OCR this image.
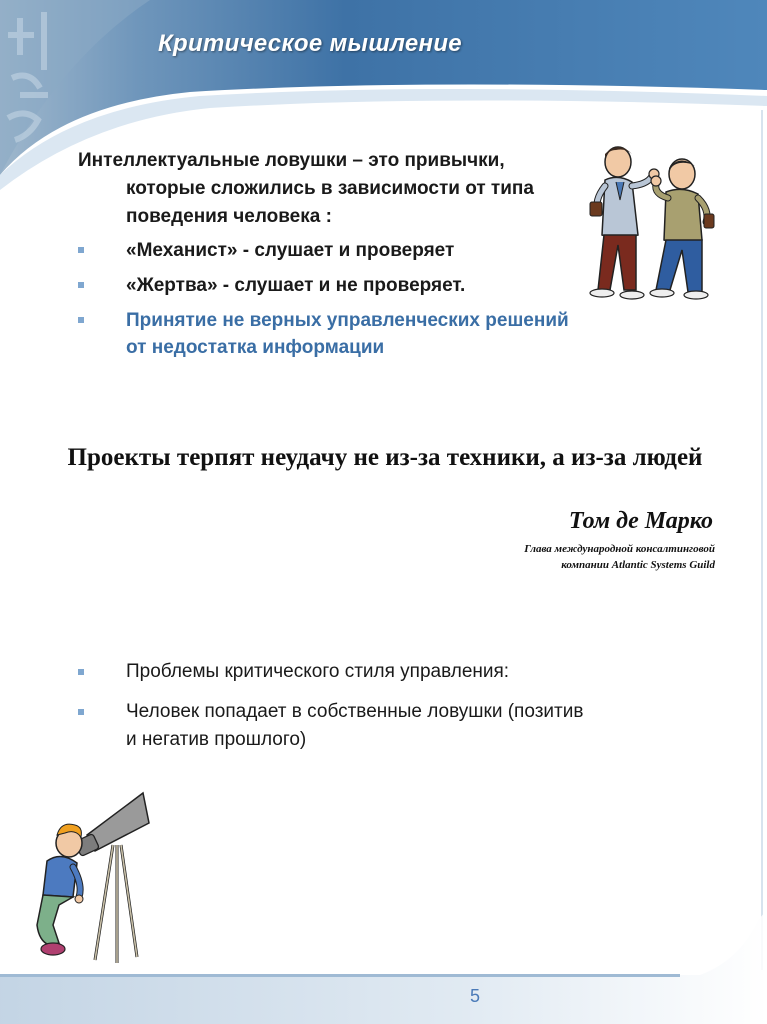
Критическое мышление

Интеллектуальные ловушки – это привычки, которые сложились в зависимости от типа поведения человека :

«Механист» - слушает и проверяет
«Жертва» - слушает и не проверяет.
Принятие не верных управленческих решений от недостатка информации
Проекты терпят неудачу не из-за техники, а из-за людей
Том де Марко
Глава международной консалтинговой
компании Atlantic Systems Guild
Проблемы критического стиля управления:
Человек попадает в собственные ловушки (позитив и негатив прошлого)
5
